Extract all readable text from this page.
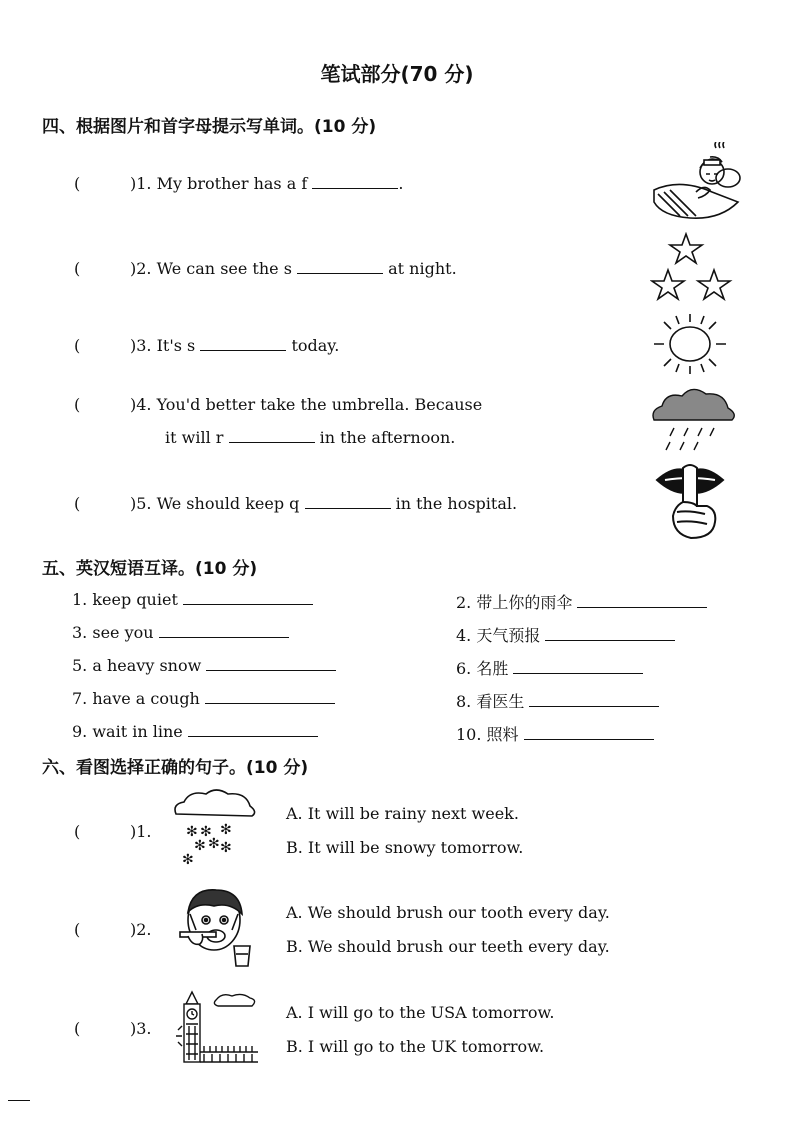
笔试部分(70 分)
四、根据图片和首字母提示写单词。(10 分)
(	)1. My brother has a f	.
(	)2. We can see the s	at night.
(	)3. It's s	today.
(	)4. You'd better take the umbrella. Because
it will r	in the afternoon.
(	)5. We should keep q	in the hospital.
五、英汉短语互译。(10 分)
1. keep quiet	2. 带上你的雨伞
3. see you	4. 天气预报
5. a heavy snow	6. 名胜
7. have a cough	8. 看医生
9. wait in line	10. 照料
六、看图选择正确的句子。(10 分)
(	)1. ✻ ✻ ✻
✻ ✻ ✻
✻
A. It will be rainy next week.
B. It will be snowy tomorrow.
(	)2.
A. We should brush our tooth every day.
B. We should brush our teeth every day.
(	)3.
A. I will go to the USA tomorrow.
B. I will go to the UK tomorrow.
